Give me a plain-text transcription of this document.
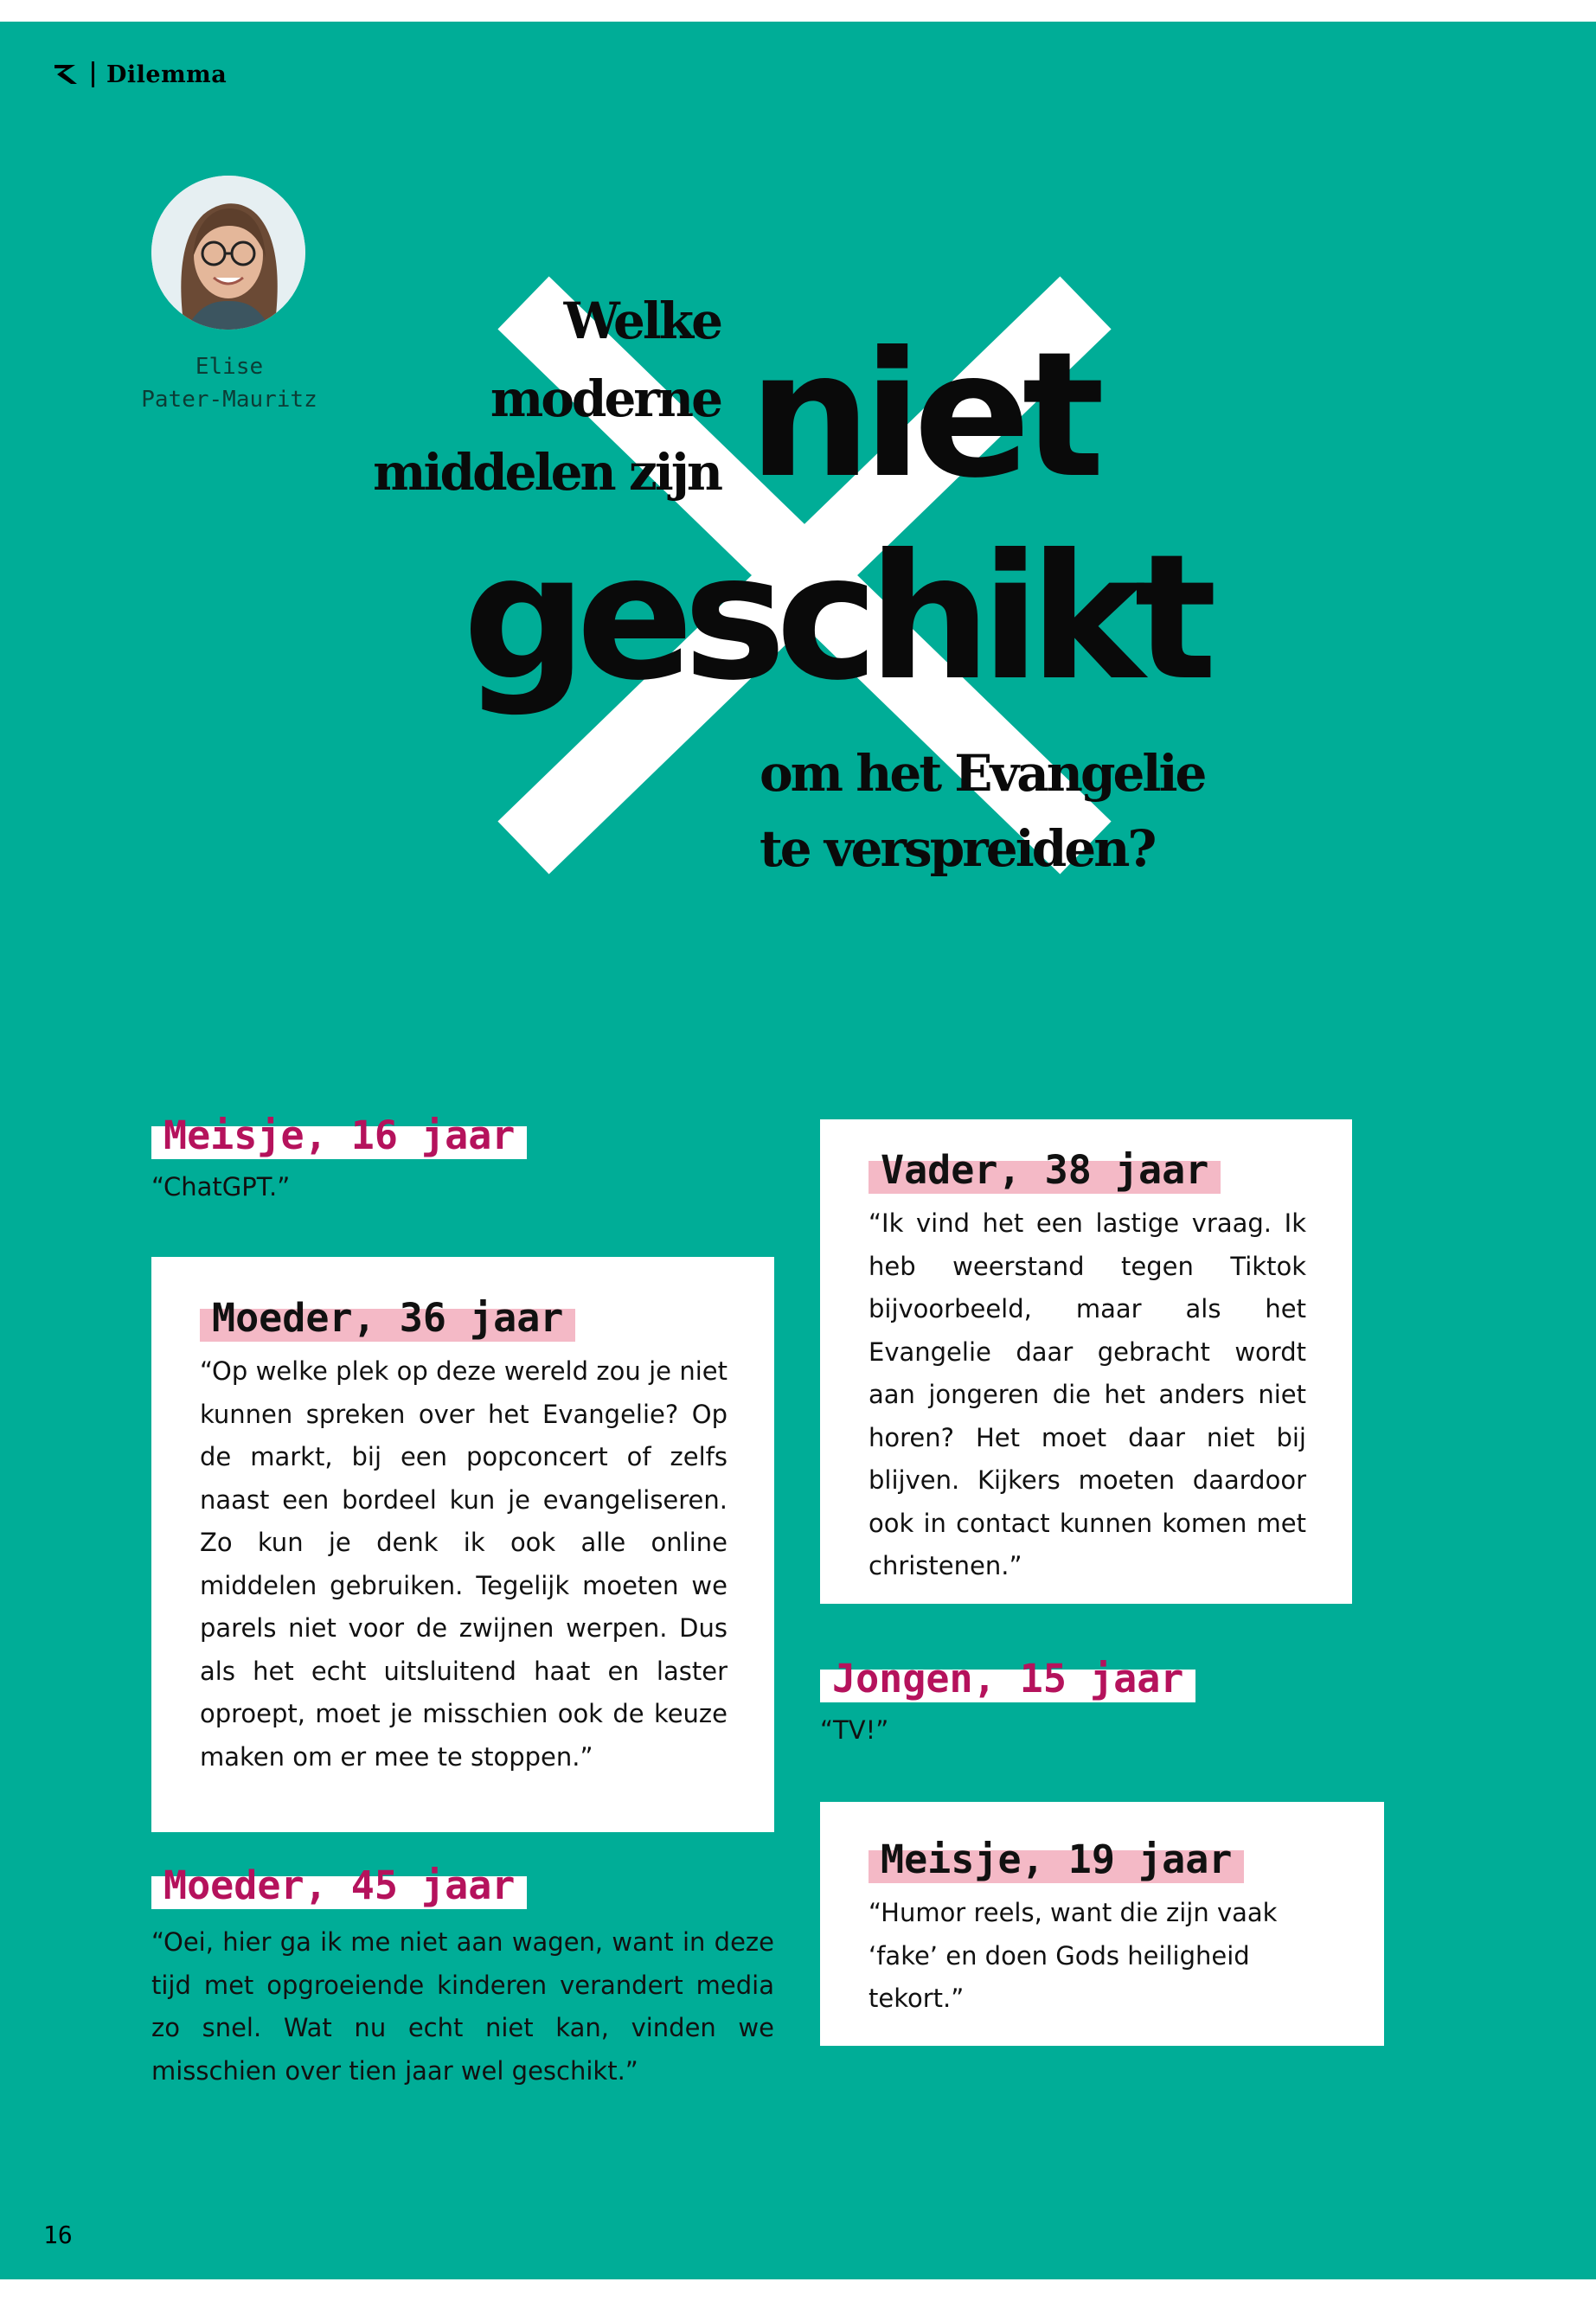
Dilemma
Elise
Pater-Mauritz
Welke
moderne
middelen zijn niet
geschikt
om het Evangelie
te verspreiden?
Meisje, 16 jaar

“ChatGPT.”

Moeder, 36 jaar

“Op welke plek op deze wereld zou je niet kunnen spreken over het Evangelie? Op de markt, bij een popconcert of zelfs naast een bordeel kun je evangeliseren. Zo kun je denk ik ook alle online middelen gebruiken. Tegelijk moeten we parels niet voor de zwijnen werpen. Dus als het echt uitsluitend haat en laster oproept, moet je misschien ook de keuze maken om er mee te stoppen.”

Moeder, 45 jaar

“Oei, hier ga ik me niet aan wagen, want in deze tijd met opgroeiende kinderen verandert media zo snel. Wat nu echt niet kan, vinden we misschien over tien jaar wel geschikt.”

Vader, 38 jaar

“Ik vind het een lastige vraag. Ik heb weerstand tegen Tiktok bijvoorbeeld, maar als het Evangelie daar gebracht wordt aan jongeren die het anders niet horen? Het moet daar niet bij blijven. Kijkers moeten daardoor ook in contact kunnen komen met christenen.”

Jongen, 15 jaar

“TV!”

Meisje, 19 jaar

“Humor reels, want die zijn vaak ‘fake’ en doen Gods heiligheid tekort.”

16
